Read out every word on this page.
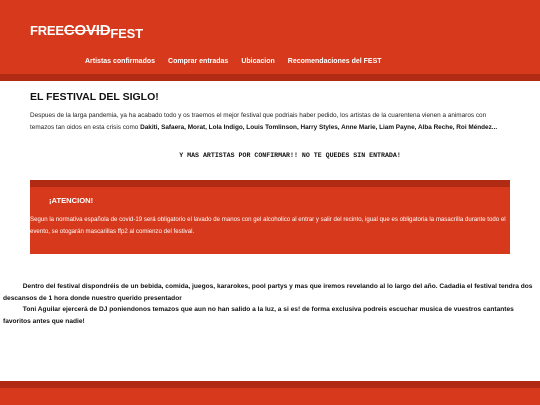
FREECOVIDFEST
Artistas confirmados Comprar entradas Ubicacion Recomendaciones del FEST
EL FESTIVAL DEL SIGLO!

Despues de la larga pandemia, ya ha acabado todo y os traemos el mejor festival que podriais haber pedido, los artistas de la cuarentena vienen a animaros con temazos tan oidos en esta crisis como Dakiti, Safaera, Morat, Lola Indigo, Louis Tomlinson, Harry Styles, Anne Marie, Liam Payne, Alba Reche, Roi Méndez...

Y MAS ARTISTAS POR CONFIRMAR!! NO TE QUEDES SIN ENTRADA!
¡ATENCION!

Segun la normativa española de covid-19 será obligatorio el lavado de manos con gel alcoholico al entrar y salir del recinto, igual que es obligatoria la masacrilla durante todo el evento, se otogarán mascarillas ffp2 al comienzo del festival.

   Dentro del festival dispondréis de un bebida, comida, juegos, kararokes, pool partys y mas que iremos revelando al lo largo del año. Cadadia el festival tendra dos descansos de 1 hora donde nuestro querido presentador
   Toni Aguilar ejercerá de DJ poniendonos temazos que aun no han salido a la luz, a si es! de forma exclusiva podreis escuchar musica de vuestros cantantes favoritos antes que nadie!
